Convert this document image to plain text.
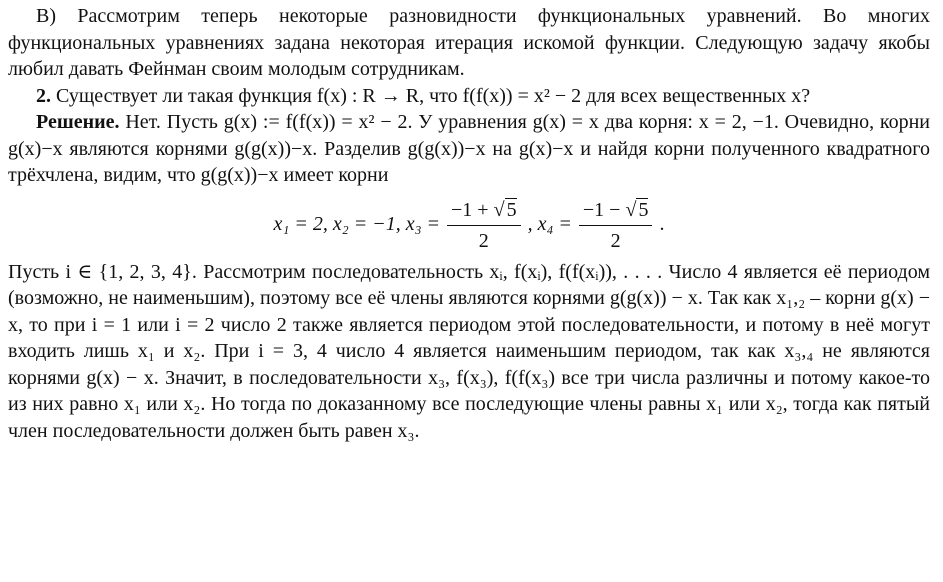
В) Рассмотрим теперь некоторые разновидности функциональных уравнений. Во многих функциональных уравнениях задана некоторая итерация искомой функции. Следующую задачу якобы любил давать Фейнман своим молодым сотрудникам.

2. Существует ли такая функция f(x) : R → R, что f(f(x)) = x² − 2 для всех вещественных x?

Решение. Нет. Пусть g(x) := f(f(x)) = x² − 2. У уравнения g(x) = x два корня: x = 2, −1. Очевидно, корни g(x)−x являются корнями g(g(x))−x. Разделив g(g(x))−x на g(x)−x и найдя корни полученного квадратного трёхчлена, видим, что g(g(x))−x имеет корни

x₁ = 2, x₂ = −1, $x_3 = \frac{-1 + √ 5}{2}$ , $x_4 = \frac{-1 - √ 5}{2}$ .

Пусть i ∈ {1, 2, 3, 4}. Рассмотрим последовательность xᵢ, f(xᵢ), f(f(xᵢ)), . . . . Число 4 является её периодом (возможно, не наименьшим), поэтому все её члены являются корнями g(g(x)) − x. Так как x₁,₂ – корни g(x) − x, то при i = 1 или i = 2 число 2 также является периодом этой последовательности, и потому в неё могут входить лишь x₁ и x₂. При i = 3, 4 число 4 является наименьшим периодом, так как x₃,₄ не являются корнями g(x) − x. Значит, в последовательности x₃, f(x₃), f(f(x₃) все три числа различны и потому какое-то из них равно x₁ или x₂. Но тогда по доказанному все последующие члены равны x₁ или x₂, тогда как пятый член последовательности должен быть равен x₃.
